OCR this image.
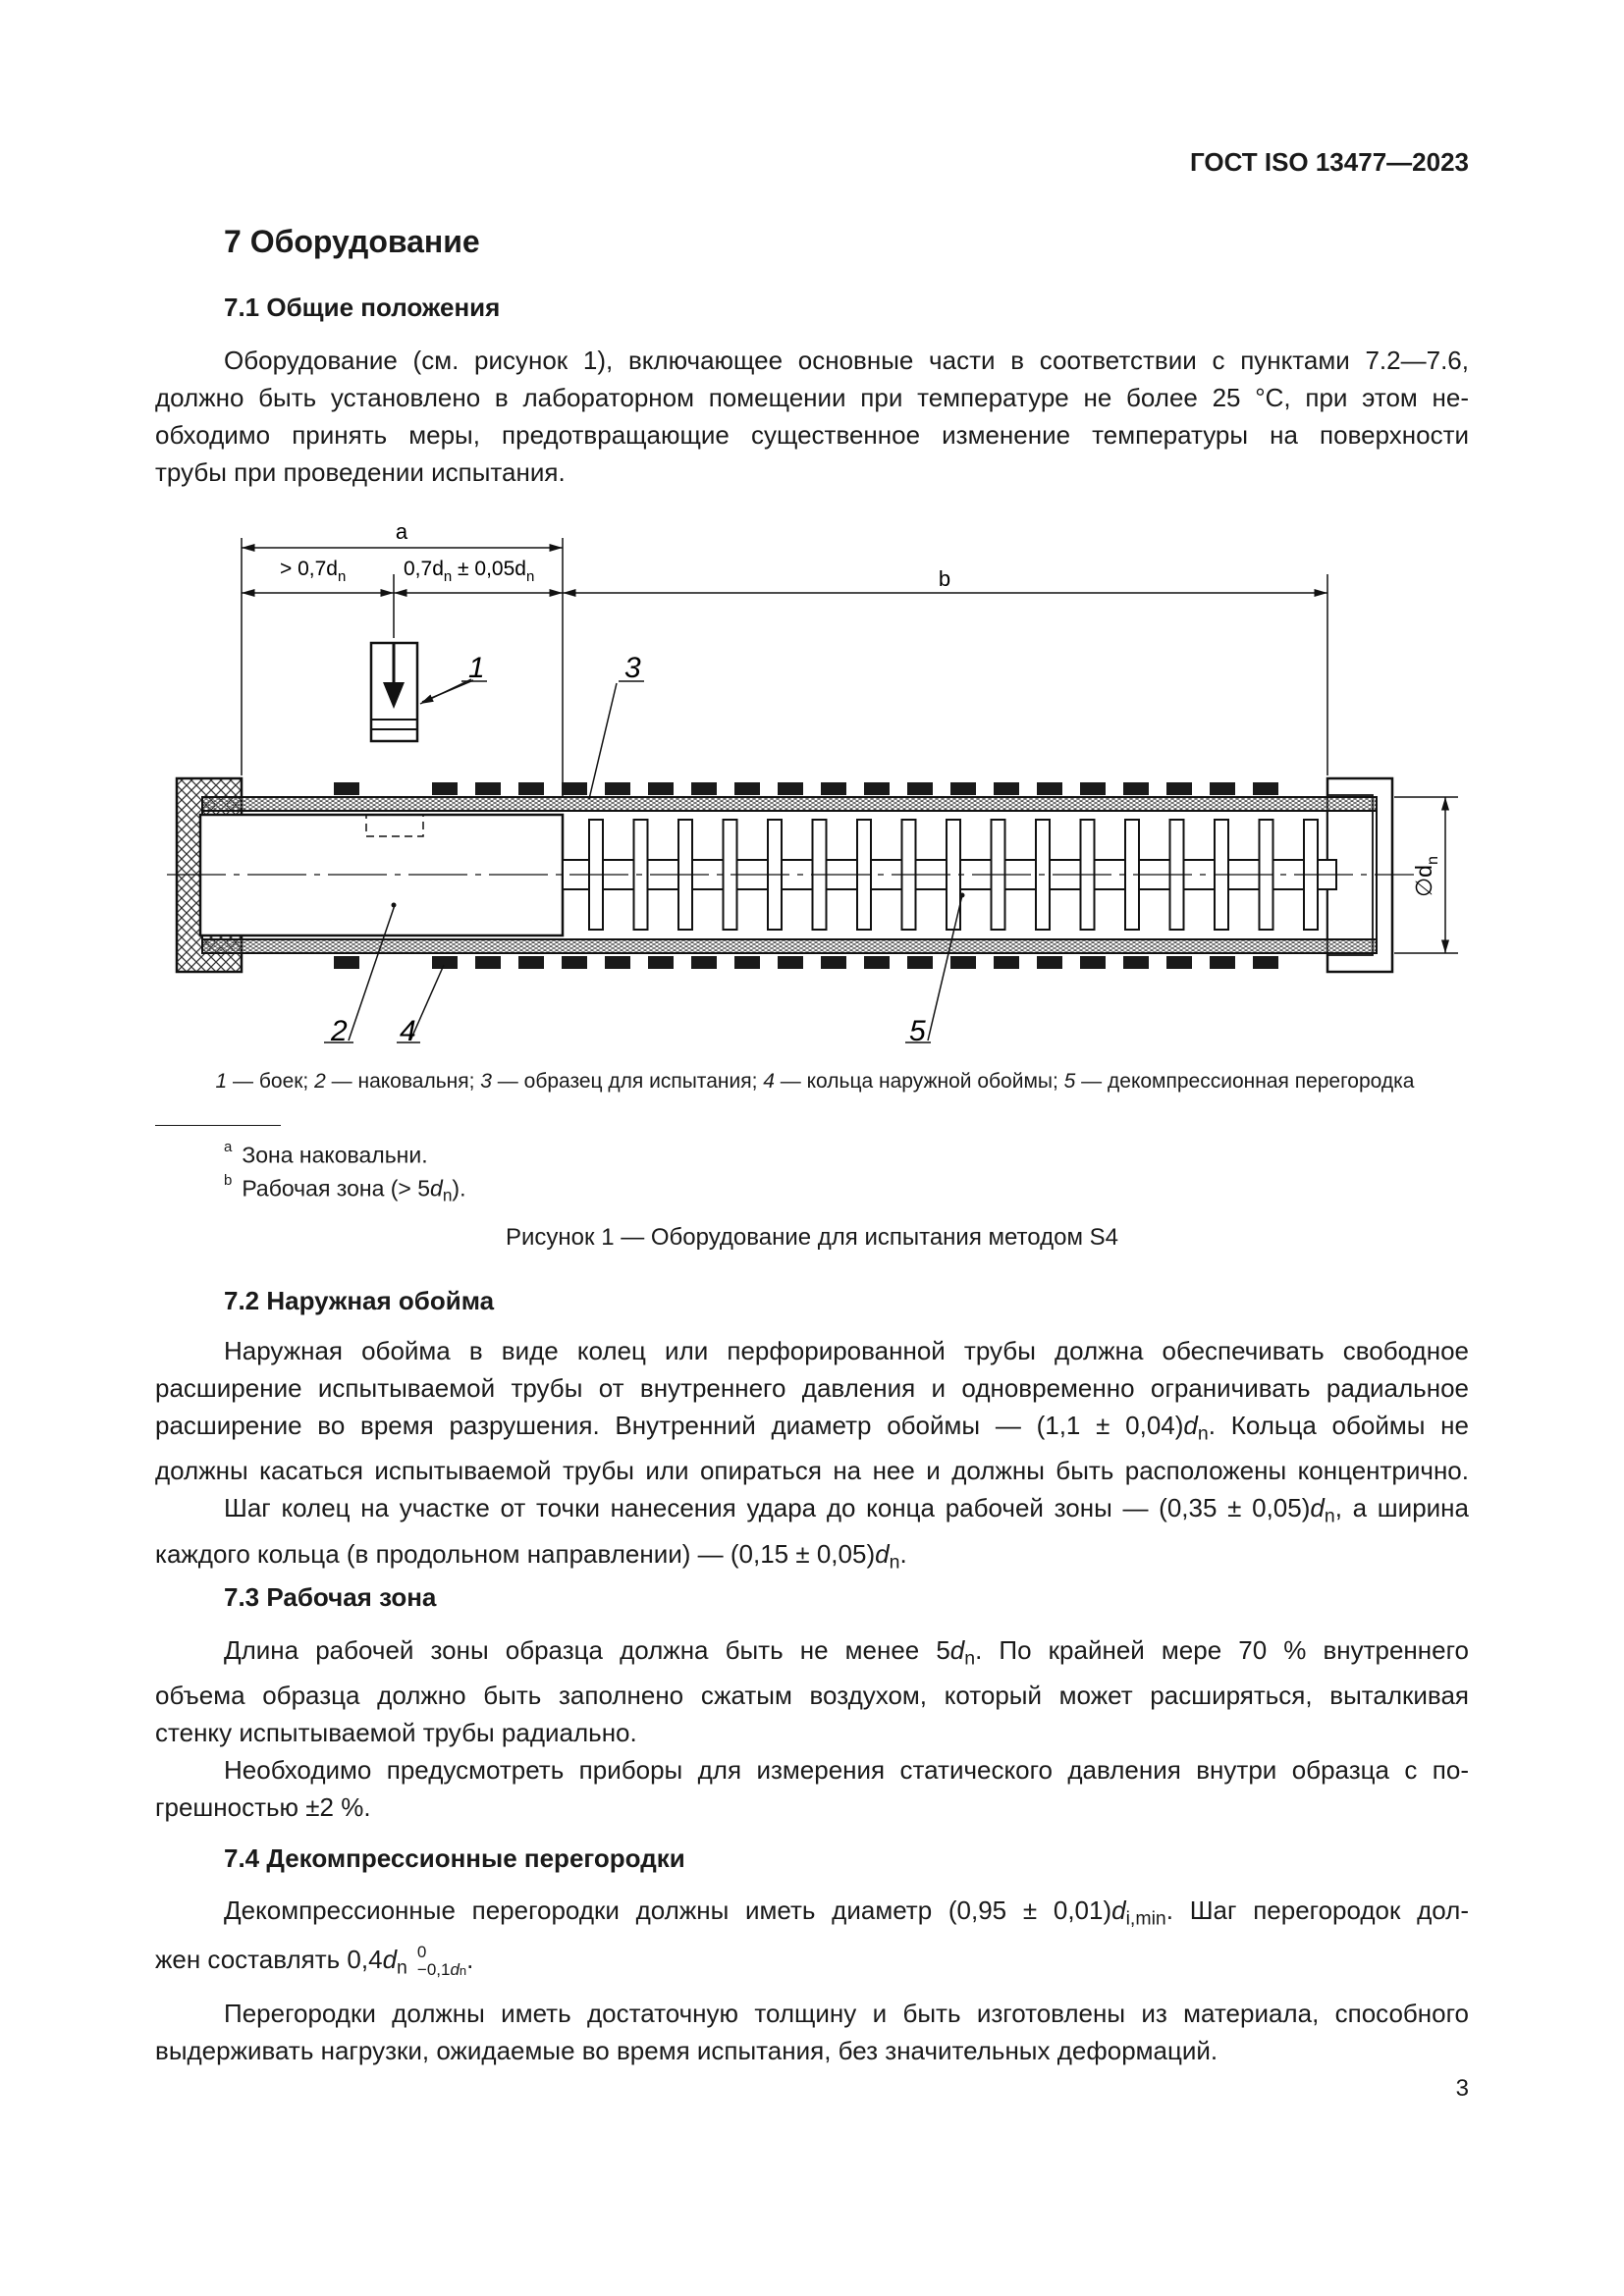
ГОСТ ISO 13477—2023
7 Оборудование
7.1 Общие положения
Оборудование (см. рисунок 1), включающее основные части в соответствии с пунктами 7.2—7.6,
должно быть установлено в лабораторном помещении при температуре не более 25 °C, при этом не-
обходимо принять меры, предотвращающие существенное изменение температуры на поверхности
трубы при проведении испытания.
a
b
> $0,7d_n$	$0,7d_n \pm 0,05d_n$
$\emptyset d_n$
1
2
3
4	5
1 — боек; 2 — наковальня; 3 — образец для испытания; 4 — кольца наружной обоймы; 5 — декомпрессионная перегородка
$^a$ Зона наковальни.
$^b$ Рабочая зона (> $5d_n$).
Рисунок 1 — Оборудование для испытания методом S4
7.2 Наружная обойма
Наружная обойма в виде колец или перфорированной трубы должна обеспечивать свободное
расширение испытываемой трубы от внутреннего давления и одновременно ограничивать радиальное
расширение во время разрушения. Внутренний диаметр обоймы — $(1,1 \pm 0,04)d_n$. Кольца обоймы не
должны касаться испытываемой трубы или опираться на нее и должны быть расположены концентрично.
Шаг колец на участке от точки нанесения удара до конца рабочей зоны — $(0,35 \pm 0,05)d_n$, а ширина
каждого кольца (в продольном направлении) — $(0,15 \pm 0,05)d_n$.
7.3 Рабочая зона
Длина рабочей зоны образца должна быть не менее $5d_n$. По крайней мере 70 % внутреннего
объема образца должно быть заполнено сжатым воздухом, который может расширяться, выталкивая
стенку испытываемой трубы радиально.
Необходимо предусмотреть приборы для измерения статического давления внутри образца с по-
грешностью ±2 %.
7.4 Декомпрессионные перегородки
Декомпрессионные перегородки должны иметь диаметр $(0,95 \pm 0,01)d_{i,min}$. Шаг перегородок дол-
жен составлять $0,4d_n$
0
−0,1dn .
Перегородки должны иметь достаточную толщину и быть изготовлены из материала, способного
выдерживать нагрузки, ожидаемые во время испытания, без значительных деформаций.
3
